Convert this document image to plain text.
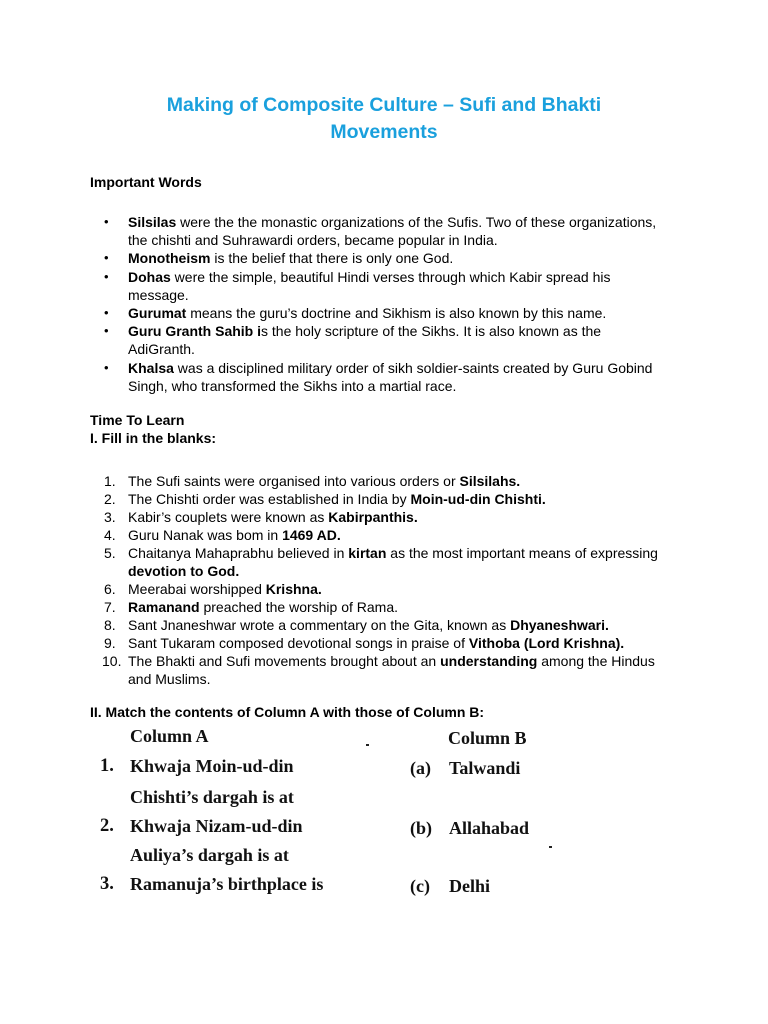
Making of Composite Culture – Sufi and Bhakti
Movements
Important Words
• Silsilas were the the monastic organizations of the Sufis. Two of these organizations, the chishti and Suhrawardi orders, became popular in India.
• Monotheism is the belief that there is only one God.
• Dohas were the simple, beautiful Hindi verses through which Kabir spread his message.
• Gurumat means the guru’s doctrine and Sikhism is also known by this name.
• Guru Granth Sahib is the holy scripture of the Sikhs. It is also known as the AdiGranth.
• Khalsa was a disciplined military order of sikh soldier-saints created by Guru Gobind Singh, who transformed the Sikhs into a martial race.
Time To Learn
I. Fill in the blanks:
1. The Sufi saints were organised into various orders or Silsilahs.
2. The Chishti order was established in India by Moin-ud-din Chishti.
3. Kabir’s couplets were known as Kabirpanthis.
4. Guru Nanak was bom in 1469 AD.
5. Chaitanya Mahaprabhu believed in kirtan as the most important means of expressing devotion to God.
6. Meerabai worshipped Krishna.
7. Ramanand preached the worship of Rama.
8. Sant Jnaneshwar wrote a commentary on the Gita, known as Dhyaneshwari.
9. Sant Tukaram composed devotional songs in praise of Vithoba (Lord Krishna).
10. The Bhakti and Sufi movements brought about an understanding among the Hindus and Muslims.
II. Match the contents of Column A with those of Column B:
Column A	Column B
1. Khwaja Moin-ud-din
Chishti’s dargah is at
(a) Talwandi
2. Khwaja Nizam-ud-din
Auliya’s dargah is at
(b) Allahabad
3. Ramanuja’s birthplace is	(c) Delhi
